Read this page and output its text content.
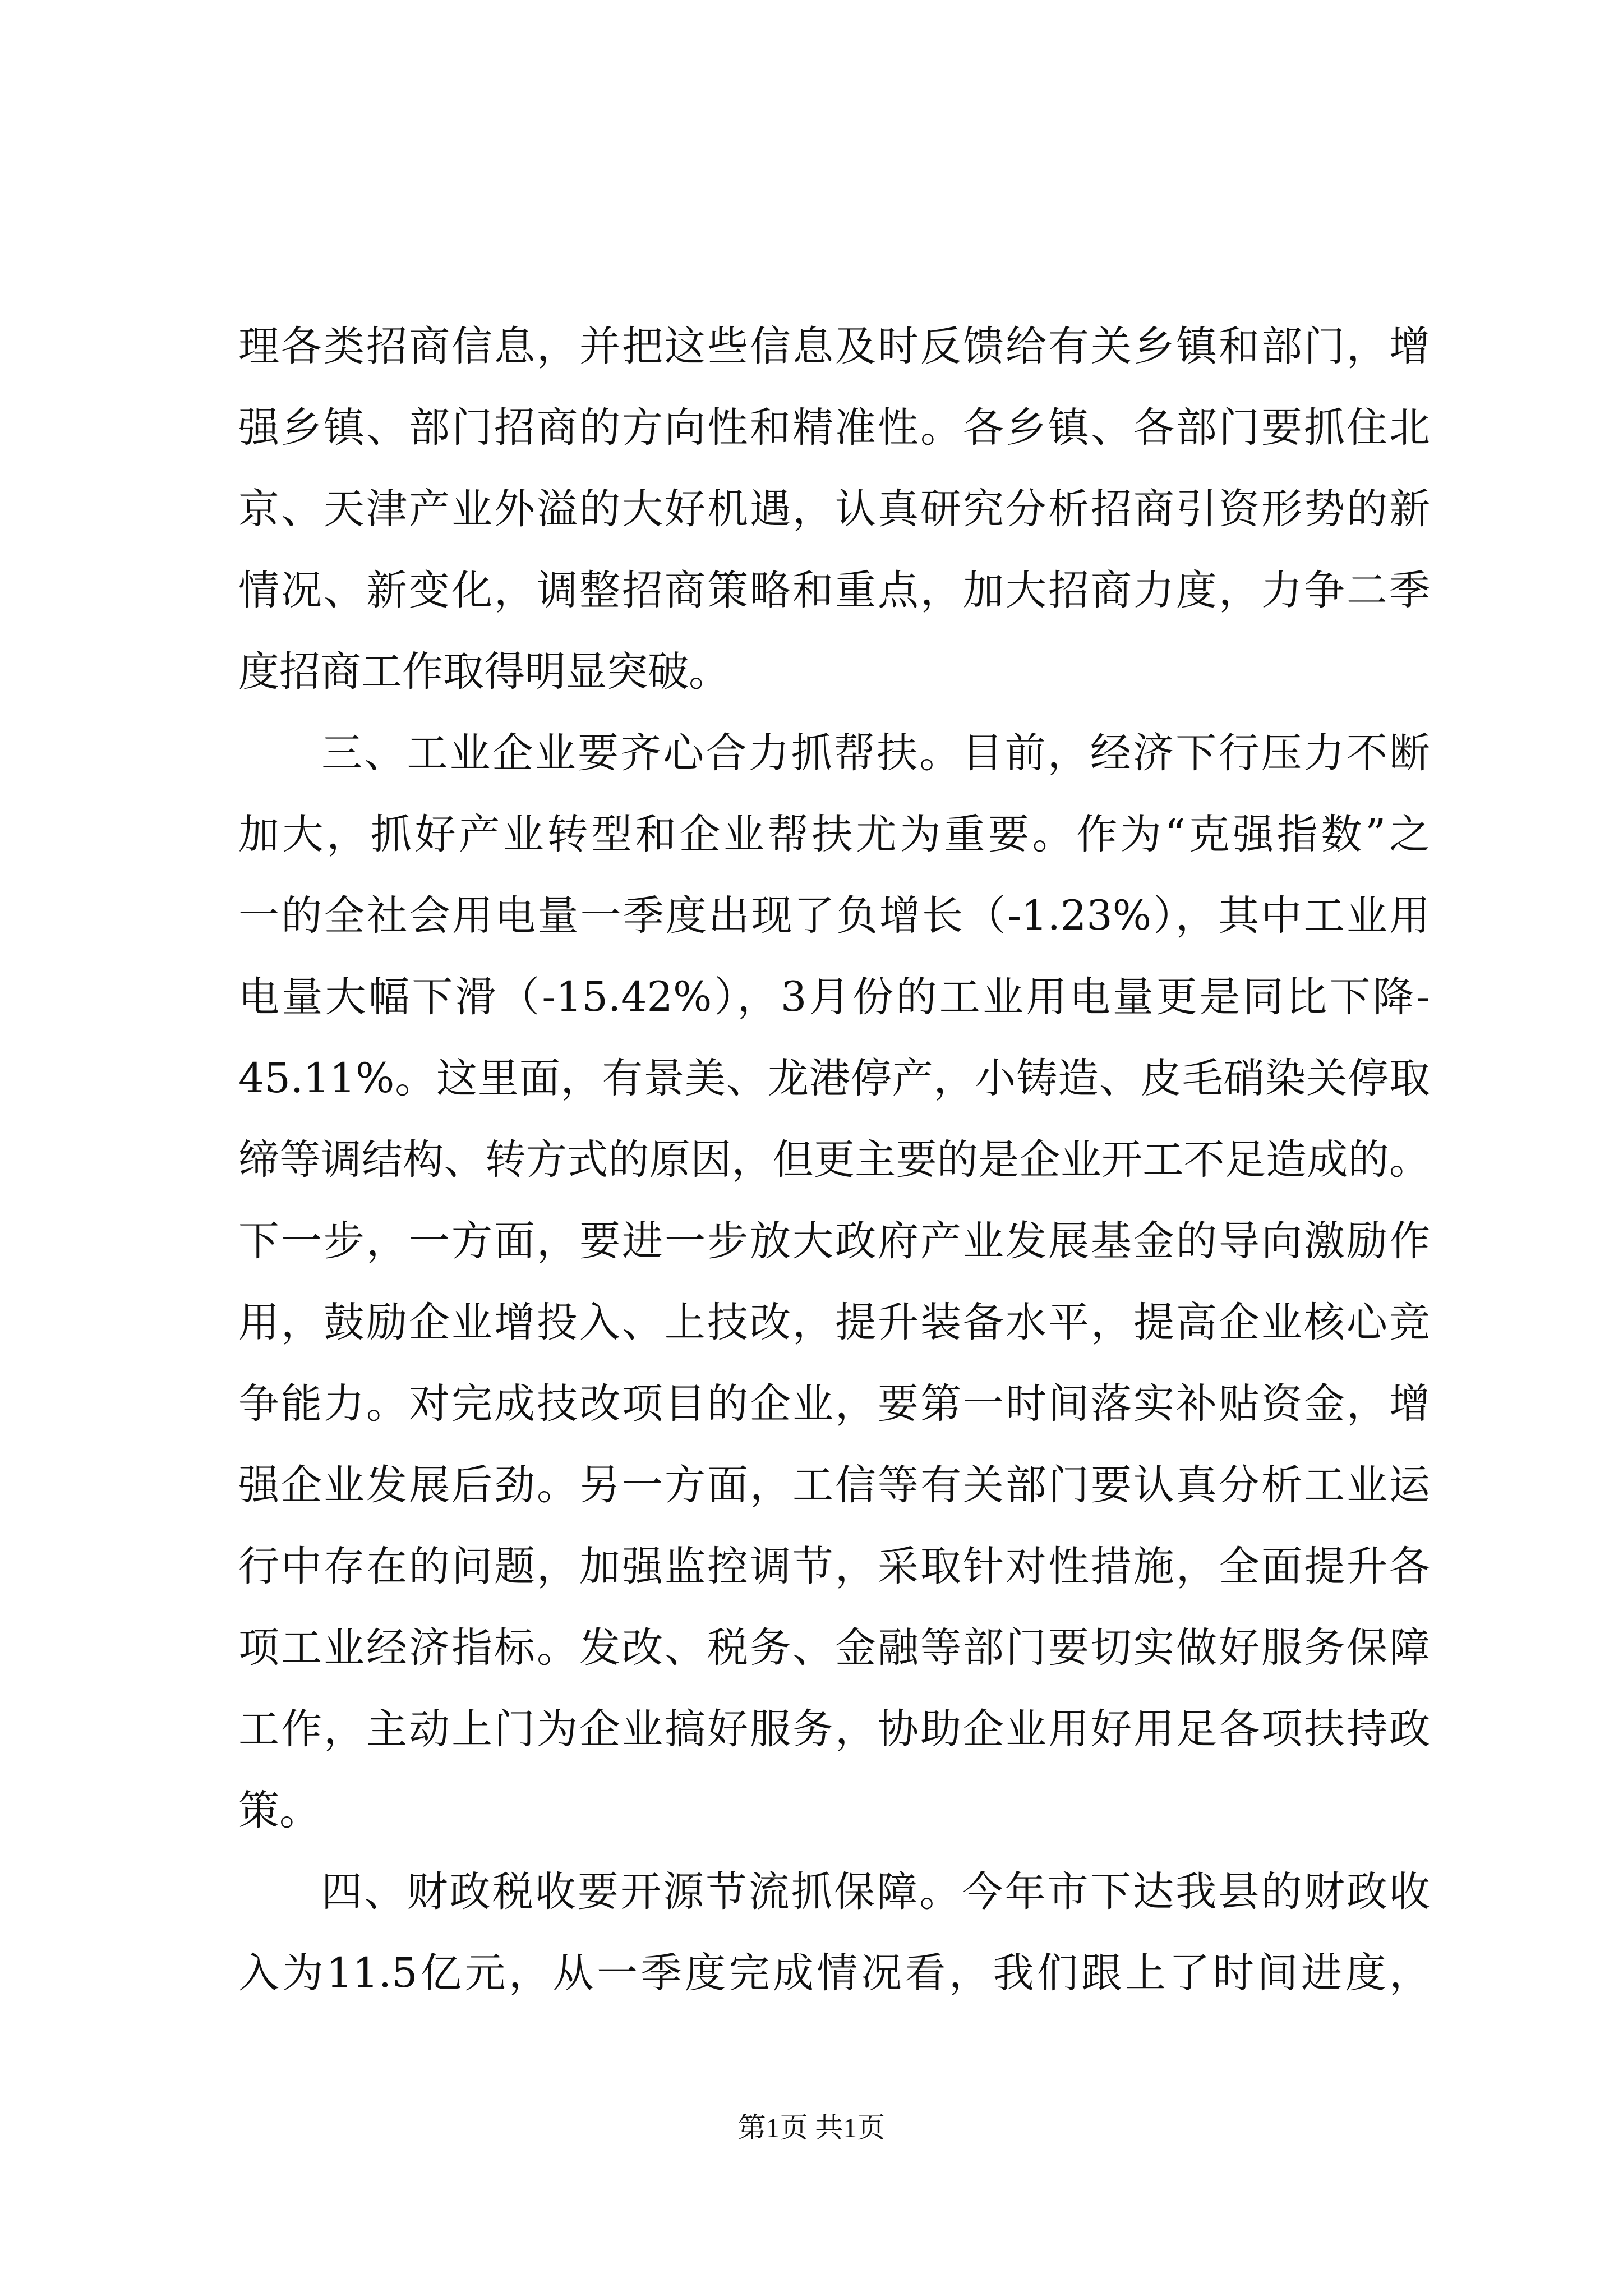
理各类招商信息，并把这些信息及时反馈给有关乡镇和部门，增
强乡镇、部门招商的方向性和精准性。各乡镇、各部门要抓住北
京、天津产业外溢的大好机遇，认真研究分析招商引资形势的新
情况、新变化，调整招商策略和重点，加大招商力度，力争二季
度招商工作取得明显突破。
三、工业企业要齐心合力抓帮扶。目前，经济下行压力不断
加大，抓好产业转型和企业帮扶尤为重要。作为“克强指数”之
一的全社会用电量一季度出现了负增长（-1.23%），其中工业用
电量大幅下滑（-15.42%），3月份的工业用电量更是同比下降-
45.11%。这里面，有景美、龙港停产，小铸造、皮毛硝染关停取
缔等调结构、转方式的原因，但更主要的是企业开工不足造成的。
下一步，一方面，要进一步放大政府产业发展基金的导向激励作
用，鼓励企业增投入、上技改，提升装备水平，提高企业核心竞
争能力。对完成技改项目的企业，要第一时间落实补贴资金，增
强企业发展后劲。另一方面，工信等有关部门要认真分析工业运
行中存在的问题，加强监控调节，采取针对性措施，全面提升各
项工业经济指标。发改、税务、金融等部门要切实做好服务保障
工作，主动上门为企业搞好服务，协助企业用好用足各项扶持政
策。
四、财政税收要开源节流抓保障。今年市下达我县的财政收
入为11.5亿元，从一季度完成情况看，我们跟上了时间进度，
第1页 共1页
